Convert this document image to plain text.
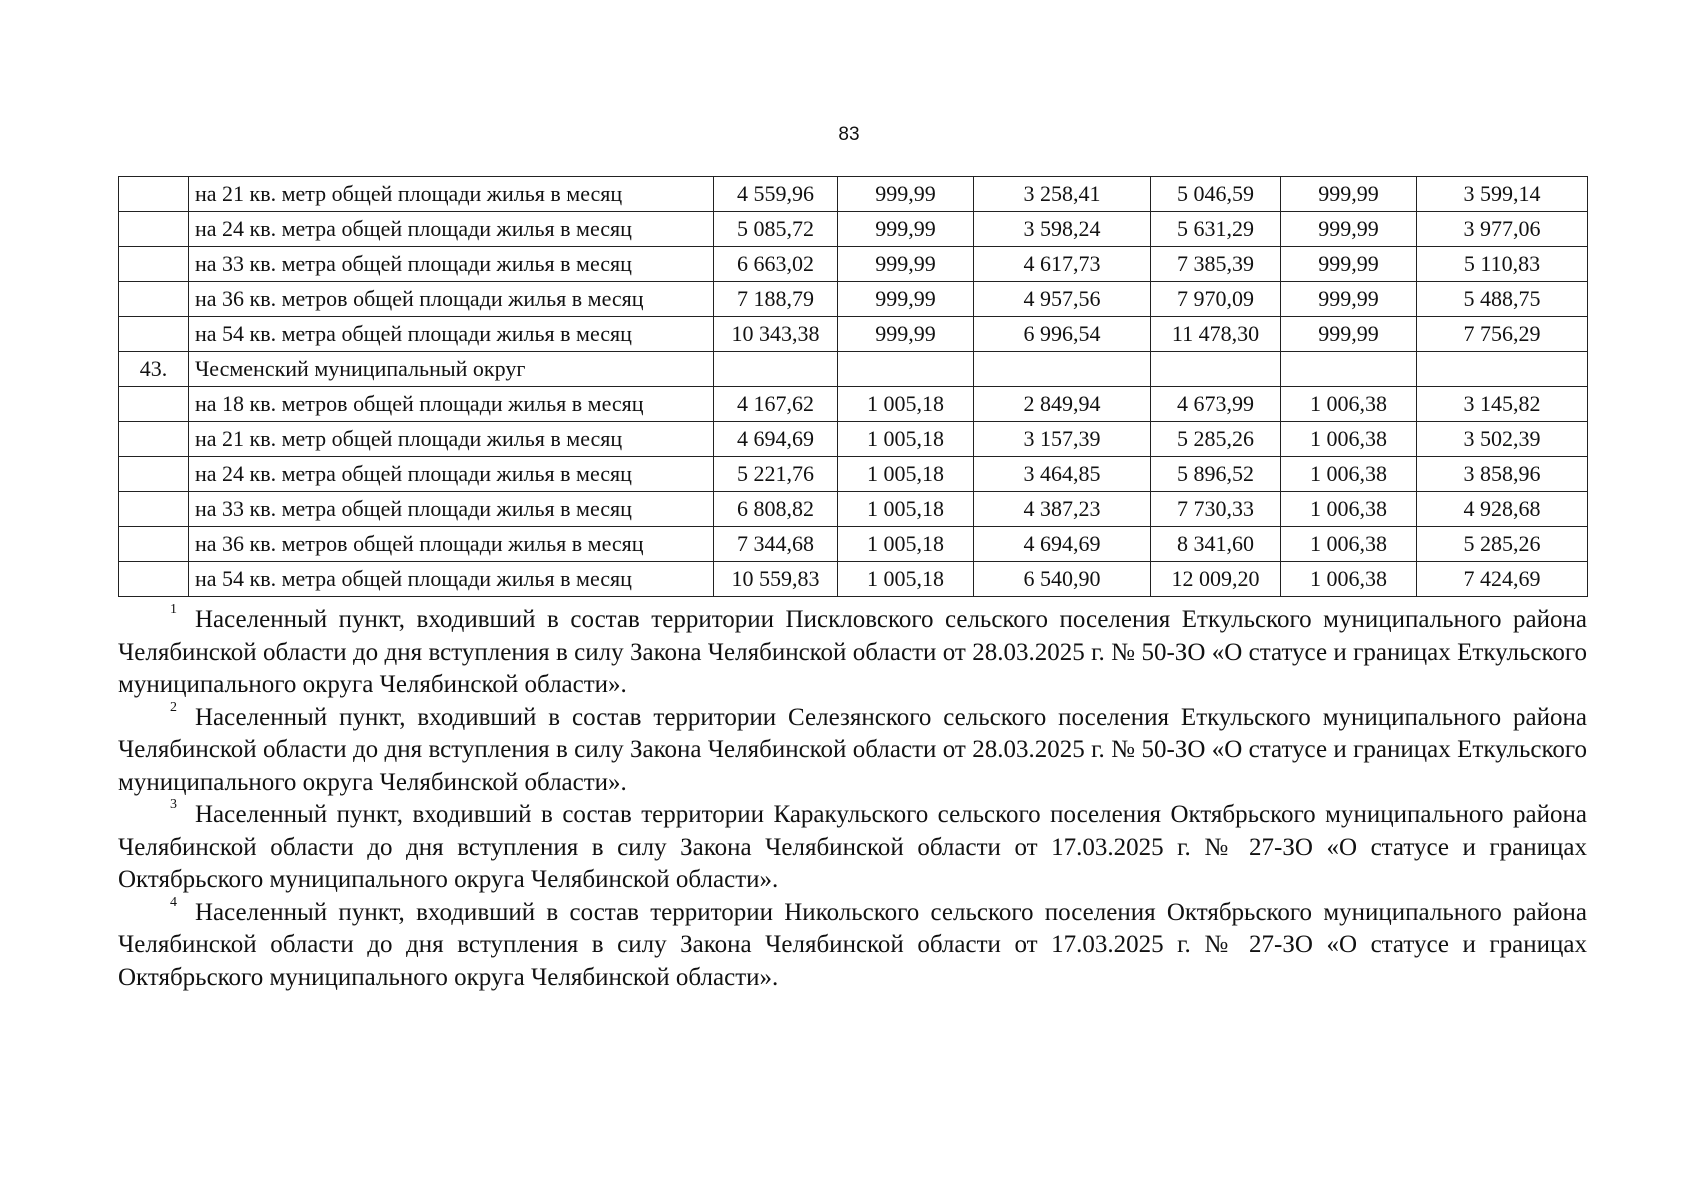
83
	на 21 кв. метр общей площади жилья в месяц	4 559,96	999,99	3 258,41	5 046,59	999,99	3 599,14
	на 24 кв. метра общей площади жилья в месяц	5 085,72	999,99	3 598,24	5 631,29	999,99	3 977,06
	на 33 кв. метра общей площади жилья в месяц	6 663,02	999,99	4 617,73	7 385,39	999,99	5 110,83
	на 36 кв. метров общей площади жилья в месяц	7 188,79	999,99	4 957,56	7 970,09	999,99	5 488,75
	на 54 кв. метра общей площади жилья в месяц	10 343,38	999,99	6 996,54	11 478,30	999,99	7 756,29
43.	Чесменский муниципальный округ						
	на 18 кв. метров общей площади жилья в месяц	4 167,62	1 005,18	2 849,94	4 673,99	1 006,38	3 145,82
	на 21 кв. метр общей площади жилья в месяц	4 694,69	1 005,18	3 157,39	5 285,26	1 006,38	3 502,39
	на 24 кв. метра общей площади жилья в месяц	5 221,76	1 005,18	3 464,85	5 896,52	1 006,38	3 858,96
	на 33 кв. метра общей площади жилья в месяц	6 808,82	1 005,18	4 387,23	7 730,33	1 006,38	4 928,68
	на 36 кв. метров общей площади жилья в месяц	7 344,68	1 005,18	4 694,69	8 341,60	1 006,38	5 285,26
	на 54 кв. метра общей площади жилья в месяц	10 559,83	1 005,18	6 540,90	12 009,20	1 006,38	7 424,69

$^1$ Населенный пункт, входивший в состав территории Пискловского сельского поселения Еткульского муниципального района Челябинской области до дня вступления в силу Закона Челябинской области от 28.03.2025 г. № 50-ЗО «О статусе и границах Еткульского муниципального округа Челябинской области».

$^2$ Населенный пункт, входивший в состав территории Селезянского сельского поселения Еткульского муниципального района Челябинской области до дня вступления в силу Закона Челябинской области от 28.03.2025 г. № 50-ЗО «О статусе и границах Еткульского муниципального округа Челябинской области».

$^3$ Населенный пункт, входивший в состав территории Каракульского сельского поселения Октябрьского муниципального района Челябинской области до дня вступления в силу Закона Челябинской области от 17.03.2025 г. № 27-ЗО «О статусе и границах Октябрьского муниципального округа Челябинской области».

$^4$ Населенный пункт, входивший в состав территории Никольского сельского поселения Октябрьского муниципального района Челябинской области до дня вступления в силу Закона Челябинской области от 17.03.2025 г. № 27-ЗО «О статусе и границах Октябрьского муниципального округа Челябинской области».
